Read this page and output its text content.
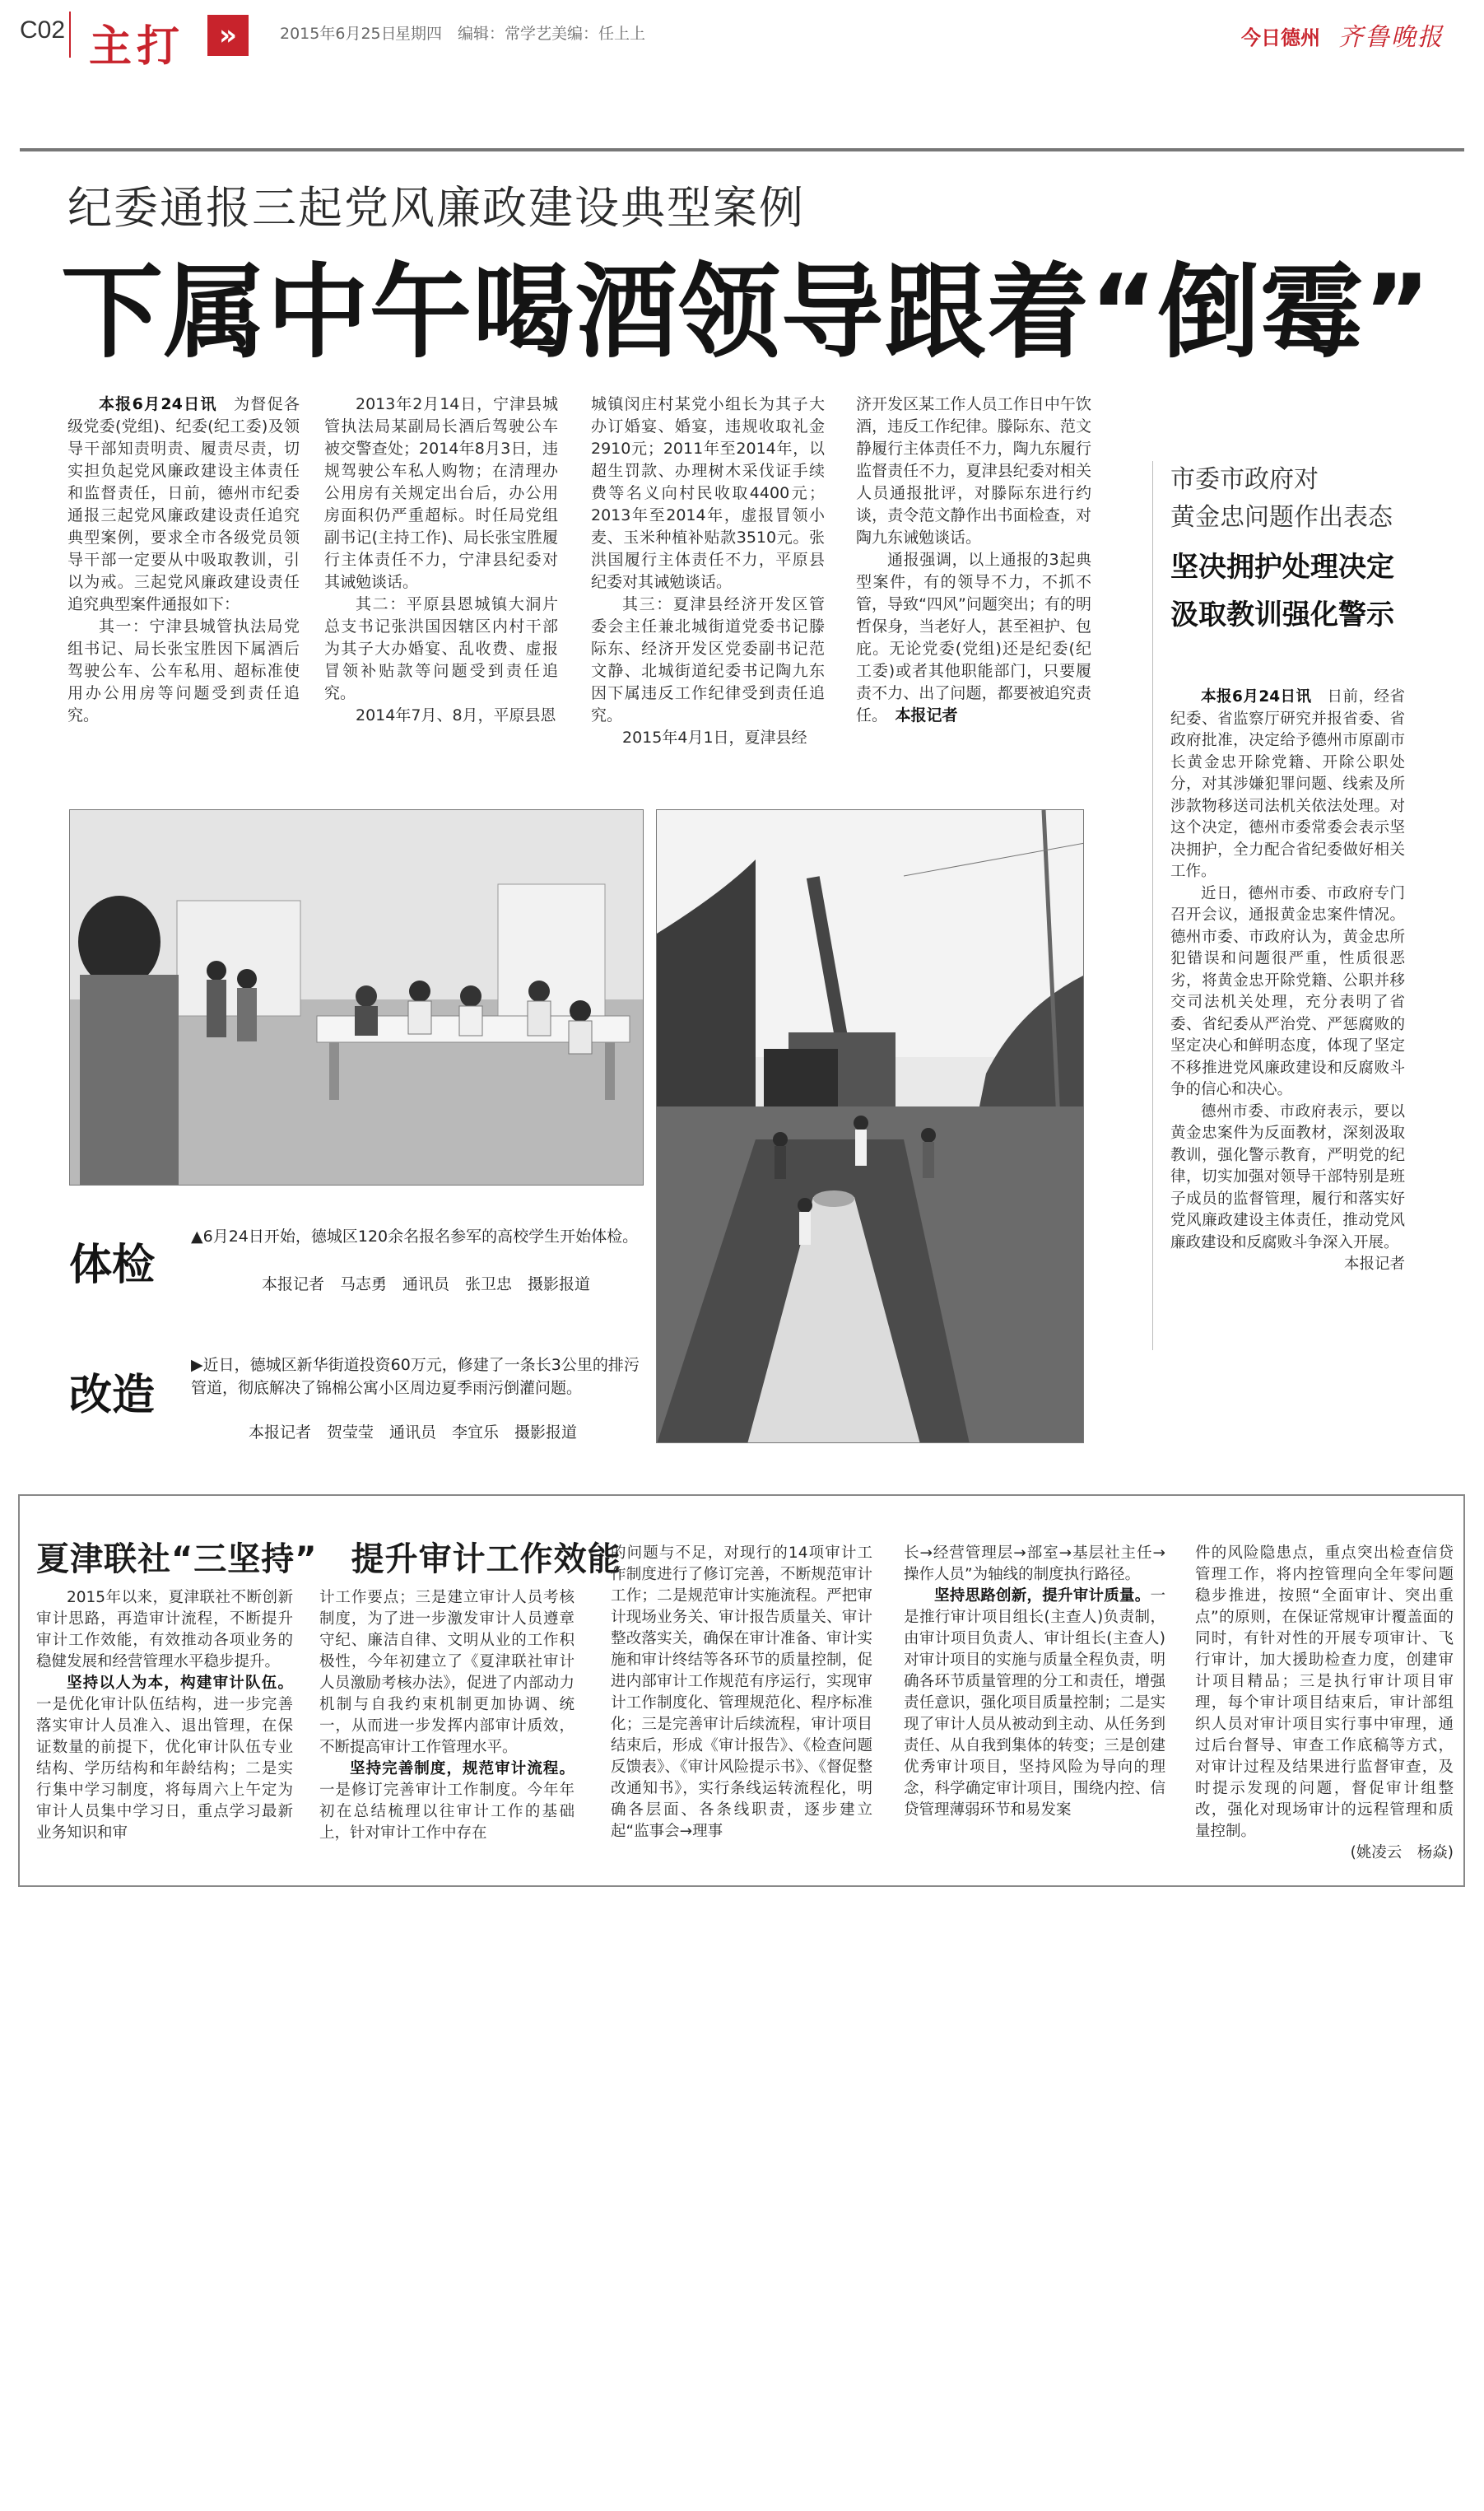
C02 主打	»	2015年6月25日
星期四 编辑：常学艺 美编：任上上	今日德州 齐鲁晚报
纪委通报三起党风廉政建设典型案例
下属中午喝酒领导跟着“倒霉”

本报6月24日讯　 为督促各级党委(党组)、纪委(纪工委)及领导干部知责明责、履责尽责，切实担负起党风廉政建设主体责任和监督责任，日前，德州市纪委通报三起党风廉政建设责任追究典型案例，要求全市各级党员领导干部一定要从中吸取教训，引以为戒。三起党风廉政建设责任追究典型案件通报如下：

其一：宁津县城管执法局党组书记、局长张宝胜因下属酒后驾驶公车、公车私用、超标准使用办公用房等问题受到责任追究。

2013年2月14日，宁津县城管执法局某副局长酒后驾驶公车被交警查处；2014年8月3日，违规驾驶公车私人购物；在清理办公用房有关规定出台后，办公用房面积仍严重超标。时任局党组副书记(主持工作)、局长张宝胜履行主体责任不力，宁津县纪委对其诫勉谈话。

其二：平原县恩城镇大洞片总支书记张洪国因辖区内村干部为其子大办婚宴、乱收费、虚报冒领补贴款等问题受到责任追究。

2014年7月、8月，平原县恩

城镇闵庄村某党小组长为其子大办订婚宴、婚宴，违规收取礼金2910元；2011年至2014年，以超生罚款、办理树木采伐证手续费等名义向村民收取4400元；2013年至2014年，虚报冒领小麦、玉米种植补贴款3510元。张洪国履行主体责任不力，平原县纪委对其诫勉谈话。

其三：夏津县经济开发区管委会主任兼北城街道党委书记滕际东、经济开发区党委副书记范文静、北城街道纪委书记陶九东因下属违反工作纪律受到责任追究。

2015年4月1日，夏津县经

济开发区某工作人员工作日中午饮酒，违反工作纪律。滕际东、范文静履行主体责任不力，陶九东履行监督责任不力，夏津县纪委对相关人员通报批评，对滕际东进行约谈，责令范文静作出书面检查，对陶九东诫勉谈话。

通报强调，以上通报的3起典型案件，有的领导不力，不抓不管，导致“四风”问题突出；有的明哲保身，当老好人，甚至袒护、包庇。无论党委(党组)还是纪委(纪工委)或者其他职能部门，只要履责不力、出了问题，都要被追究责任。　 本报记者

市委市政府对
黄金忠问题作出表态
坚决拥护处理决定
汲取教训强化警示

本报6月24日讯　 日前，经省纪委、省监察厅研究并报省委、省政府批准，决定给予德州市原副市长黄金忠开除党籍、开除公职处分，对其涉嫌犯罪问题、线索及所涉款物移送司法机关依法处理。对这个决定，德州市委常委会表示坚决拥护，全力配合省纪委做好相关工作。

近日，德州市委、市政府专门召开会议，通报黄金忠案件情况。德州市委、市政府认为，黄金忠所犯错误和问题很严重，性质很恶劣，将黄金忠开除党籍、公职并移交司法机关处理，充分表明了省委、省纪委从严治党、严惩腐败的坚定决心和鲜明态度，体现了坚定不移推进党风廉政建设和反腐败斗争的信心和决心。

德州市委、市政府表示，要以黄金忠案件为反面教材，深刻汲取教训，强化警示教育，严明党的纪律，切实加强对领导干部特别是班子成员的监督管理，履行和落实好党风廉政建设主体责任，推动党风廉政建设和反腐败斗争深入开展。

本报记者

体检
▲6月24日开始，德城区120余名报名参军的高校学生开始体检。
本报记者　马志勇　通讯员　张卫忠　摄影报道
改造
▶近日，德城区新华街道投资60万元，修建了一条长3公里的排污管道，彻底解决了锦棉公寓小区周边夏季雨污倒灌问题。
本报记者　贺莹莹　通讯员　李宜乐　摄影报道
夏津联社“三坚持”　提升审计工作效能

2015年以来，夏津联社不断创新审计思路，再造审计流程，不断提升审计工作效能，有效推动各项业务的稳健发展和经营管理水平稳步提升。

坚持以人为本，构建审计队伍。一是优化审计队伍结构，进一步完善落实审计人员准入、退出管理，在保证数量的前提下，优化审计队伍专业结构、学历结构和年龄结构；二是实行集中学习制度，将每周六上午定为审计人员集中学习日，重点学习最新业务知识和审

计工作要点；三是建立审计人员考核制度，为了进一步激发审计人员遵章守纪、廉洁自律、文明从业的工作积极性，今年初建立了《夏津联社审计人员激励考核办法》，促进了内部动力机制与自我约束机制更加协调、统一，从而进一步发挥内部审计质效，不断提高审计工作管理水平。

坚持完善制度，规范审计流程。一是修订完善审计工作制度。今年年初在总结梳理以往审计工作的基础上，针对审计工作中存在

的问题与不足，对现行的14项审计工作制度进行了修订完善，不断规范审计工作；二是规范审计实施流程。严把审计现场业务关、审计报告质量关、审计整改落实关，确保在审计准备、审计实施和审计终结等各环节的质量控制，促进内部审计工作规范有序运行，实现审计工作制度化、管理规范化、程序标准化；三是完善审计后续流程，审计项目结束后，形成《审计报告》、《检查问题反馈表》、《审计风险提示书》、《督促整改通知书》，实行条线运转流程化，明确各层面、各条线职责，逐步建立起“监事会→理事

长→经营管理层→部室→基层社主任→操作人员”为轴线的制度执行路径。

坚持思路创新，提升审计质量。一是推行审计项目组长(主查人)负责制，由审计项目负责人、审计组长(主查人)对审计项目的实施与质量全程负责，明确各环节质量管理的分工和责任，增强责任意识，强化项目质量控制；二是实现了审计人员从被动到主动、从任务到责任、从自我到集体的转变；三是创建优秀审计项目，坚持风险为导向的理念，科学确定审计项目，围绕内控、信贷管理薄弱环节和易发案

件的风险隐患点，重点突出检查信贷管理工作，将内控管理向全年零问题稳步推进，按照“全面审计、突出重点”的原则，在保证常规审计覆盖面的同时，有针对性的开展专项审计、飞行审计，加大援助检查力度，创建审计项目精品；三是执行审计项目审理，每个审计项目结束后，审计部组织人员对审计项目实行事中审理，通过后台督导、审查工作底稿等方式，对审计过程及结果进行监督审查，及时提示发现的问题，督促审计组整改，强化对现场审计的远程管理和质量控制。

(姚凌云　杨焱)
